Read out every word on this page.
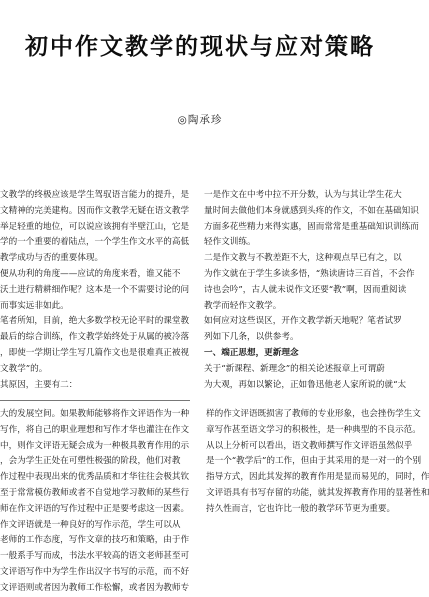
初中作文教学的现状与应对策略
◎陶承珍

文教学的终极应该是学生驾驭语言能力的提升，是

文精神的完美建构。因而作文教学无疑在语文教学

举足轻重的地位，可以说应该拥有半壁江山，它是

学的一个重要的着陆点，一个学生作文水平的高低

教学成功与否的重要体现。

便从功利的角度——应试的角度来看，谁又能不

沃土进行精耕细作呢？这本是一个不需要讨论的问

而事实远非如此。

笔者所知，目前，绝大多数学校无论平时的课堂教

最后的综合训练，作文教学始终处于从属的被冷落

，即使一学期让学生写几篇作文也是很难真正被视

文教学”的。

其原因，主要有二：

一是作文在中考中拉不开分数，认为与其让学生花大

量时间去做他们本身就感到头疼的作文，不如在基础知识

方面多花些精力来得实惠，固而常常是重基础知识训练而

轻作文训练。

二是作文教与不教差距不大，这种观点早已有之，以

为作文就在于学生多读多悟，“熟读唐诗三百首，不会作

诗也会吟”，古人就未说作文还要“教”啊，因而重阅读

教学而轻作文教学。

如何应对这些误区，开作文教学新天地呢？笔者试罗

列如下几条，以供参考。

一、端正思想，更新理念

关于“新课程、新理念”的相关论述报章上可谓蔚

为大观，再如以繁论，正如鲁迅他老人家所说的就“太

大的发展空间。如果教师能够将作文评语作为一种

写作，将自己的职业理想和写作才华也灌注在作文

中，则作文评语无疑会成为一种极具教育作用的示

，会为学生正处在可塑性极强的阶段，他们对教

作过程中表现出来的优秀品质和才华往往会极其钦

至于常常模仿教师或者不自觉地学习教师的某些行

师在作文评语的写作过程中正是要考虑这一因素。

作文评语就是一种良好的写作示范，学生可以从

老师的工作态度，写作文章的技巧和策略，由于作

一般系手写而成，书法水平较高的语文老师甚至可

文评语写作中为学生作出汉字书写的示范，而不好

文评语则或者因为教师工作松懈，或者因为教师专

样的作文评语既损害了教师的专业形象，也会挫伤学生文

章写作甚至语文学习的积极性，是一种典型的不良示范。

从以上分析可以看出，语文教师撰写作文评语虽然似乎

是一个“教学后”的工作，但由于其采用的是一对一的个别

指导方式，因此其发挥的教育作用是显而易见的，同时，作

文评语具有书写存留的功能，就其发挥教育作用的显著性和

持久性而言，它也许比一般的教学环节更为重要。
